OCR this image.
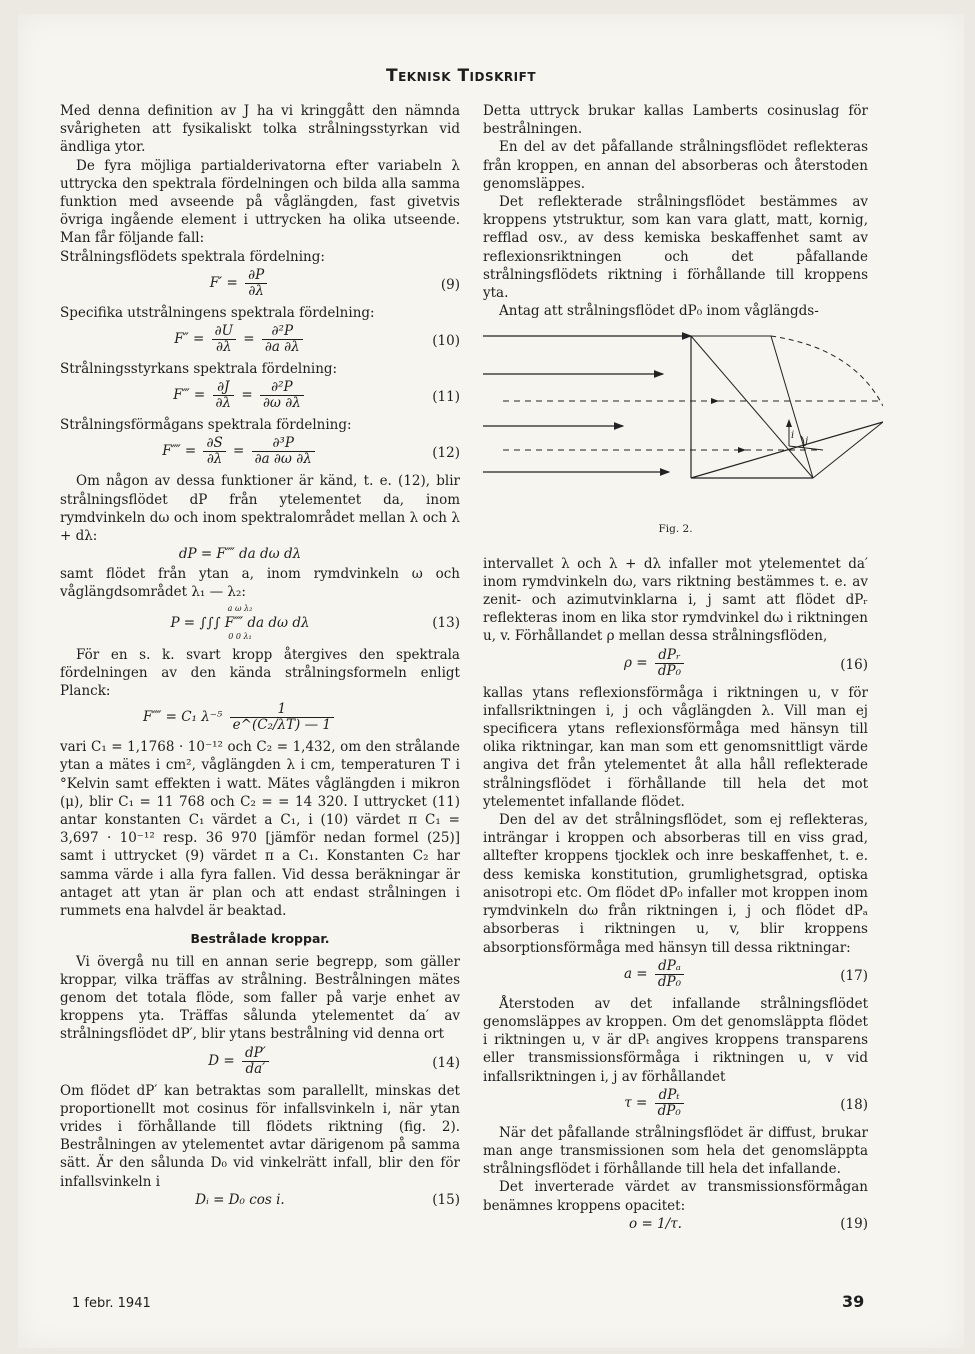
Teknisk Tidskrift

Med denna definition av J ha vi kringgått den nämnda svårigheten att fysikaliskt tolka strålningsstyrkan vid ändliga ytor.

De fyra möjliga partialderivatorna efter variabeln λ uttrycka den spektrala fördelningen och bilda alla samma funktion med avseende på våglängden, fast givetvis övriga ingående element i uttrycken ha olika utseende. Man får följande fall:

Strålningsflödets spektrala fördelning:

$F' = \frac{\partial P}{\partial\lambda}$	(9)

Specifika utstrålningens spektrala fördelning:

$F'' = \frac{\partial U}{\partial\lambda} = \frac{\text{∂²P}}{\partial a \partial\lambda}$	(10)

Strålningsstyrkans spektrala fördelning:

F‴ = $\frac{\partial J}{\partial\lambda} = \frac{\text{∂²P}}{\partial\omega \partial\lambda}$	(11)

Strålningsförmågans spektrala fördelning:

F⁗ = $\frac{\partial S}{\partial\lambda} = \frac{\text{∂³P}}{\partial a \partial\omega \partial\lambda}$	(12)

Om någon av dessa funktioner är känd, t. e. (12), blir strålningsflödet dP från ytelementet da, inom rymdvinkeln dω och inom spektralområdet mellan λ och λ + dλ:

dP = F⁗ da dω dλ

samt flödet från ytan a, inom rymdvinkeln ω och våglängdsområdet λ₁ — λ₂:

a ω λ₂
P = ∫∫∫ F⁗ da dω dλ
0 0 λ₁
(13)

För en s. k. svart kropp återgives den spektrala fördelningen av den kända strålningsformeln enligt Planck:

F⁗ = C₁ $\lambda^{-5} \frac{1}{\text{e\textasciicircum{}(C₂/λT) — 1}}$

vari C₁ = 1,1768 · 10⁻¹² och C₂ = 1,432, om den strålande ytan a mätes i cm², våglängden λ i cm, temperaturen T i °Kelvin samt effekten i watt. Mätes våglängden i mikron (μ), blir C₁ = 11 768 och C₂ = = 14 320. I uttrycket (11) antar konstanten C₁ värdet a C₁, i (10) värdet π C₁ = 3,697 · 10⁻¹² resp. 36 970 [jämför nedan formel (25)] samt i uttrycket (9) värdet π a C₁. Konstanten C₂ har samma värde i alla fyra fallen. Vid dessa beräkningar är antaget att ytan är plan och att endast strålningen i rummets ena halvdel är beaktad.

Bestrålade kroppar.

Vi övergå nu till en annan serie begrepp, som gäller kroppar, vilka träffas av strålning. Bestrålningen mätes genom det totala flöde, som faller på varje enhet av kroppens yta. Träffas sålunda ytelementet da′ av strålningsflödet dP′, blir ytans bestrålning vid denna ort

$D = \frac{dP'}{da'}$	(14)

Om flödet dP′ kan betraktas som parallellt, minskas det proportionellt mot cosinus för infallsvinkeln i, när ytan vrides i förhållande till flödets riktning (fig. 2). Bestrålningen av ytelementet avtar därigenom på samma sätt. Är den sålunda D₀ vid vinkelrätt infall, blir den för infallsvinkeln i

Dᵢ = D₀ cos i.	(15)

Detta uttryck brukar kallas Lamberts cosinuslag för bestrålningen.

En del av det påfallande strålningsflödet reflekteras från kroppen, en annan del absorberas och återstoden genomsläppes.

Det reflekterade strålningsflödet bestämmes av kroppens ytstruktur, som kan vara glatt, matt, kornig, refflad osv., av dess kemiska beskaffenhet samt av reflexionsriktningen och det påfallande strålningsflödets riktning i förhållande till kroppens yta.

Antag att strålningsflödet dP₀ inom våglängds-

i
j
Fig. 2.

intervallet λ och λ + dλ infaller mot ytelementet da′ inom rymdvinkeln dω, vars riktning bestämmes t. e. av zenit- och azimutvinklarna i, j samt att flödet dPᵣ reflekteras inom en lika stor rymdvinkel dω i riktningen u, v. Förhållandet ρ mellan dessa strålningsflöden,

$\rho = \frac{\text{dPᵣ}}{\text{dP₀}}$	(16)

kallas ytans reflexionsförmåga i riktningen u, v för infallsriktningen i, j och våglängden λ. Vill man ej specificera ytans reflexionsförmåga med hänsyn till olika riktningar, kan man som ett genomsnittligt värde angiva det från ytelementet åt alla håll reflekterade strålningsflödet i förhållande till hela det mot ytelementet infallande flödet.

Den del av det strålningsflödet, som ej reflekteras, inträngar i kroppen och absorberas till en viss grad, alltefter kroppens tjocklek och inre beskaffenhet, t. e. dess kemiska konstitution, grumlighetsgrad, optiska anisotropi etc. Om flödet dP₀ infaller mot kroppen inom rymdvinkeln dω från riktningen i, j och flödet dPₐ absorberas i riktningen u, v, blir kroppens absorptionsförmåga med hänsyn till dessa riktningar:

$a = \frac{\text{dPₐ}}{\text{dP₀}}$	(17)

Återstoden av det infallande strålningsflödet genomsläppes av kroppen. Om det genomsläppta flödet i riktningen u, v är dPₜ angives kroppens transparens eller transmissionsförmåga i riktningen u, v vid infallsriktningen i, j av förhållandet

$\tau = \frac{\text{dPₜ}}{\text{dP₀}}$	(18)

När det påfallande strålningsflödet är diffust, brukar man ange transmissionen som hela det genomsläppta strålningsflödet i förhållande till hela det infallande.

Det inverterade värdet av transmissionsförmågan benämnes kroppens opacitet:

o = 1/τ.	(19)
1 febr. 1941	39
